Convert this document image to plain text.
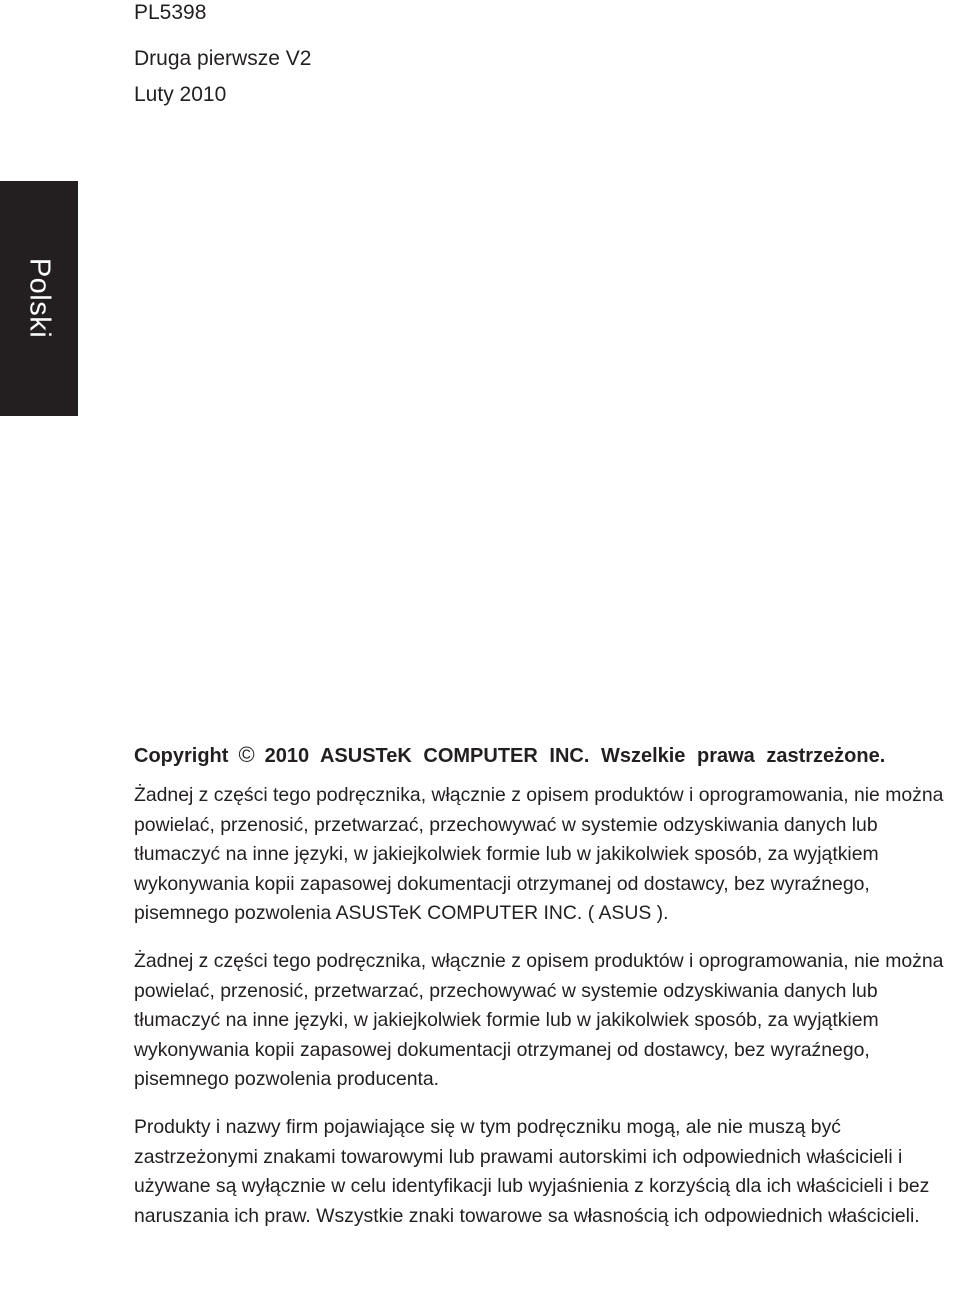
PL5398

Druga pierwsze V2

Luty 2010

Polski

Copyright © 2010 ASUSTeK COMPUTER INC. Wszelkie prawa zastrzeżone.

Żadnej z części tego podręcznika, włącznie z opisem produktów i oprogramowania, nie można powielać, przenosić, przetwarzać, przechowywać w systemie odzyskiwania danych lub tłumaczyć na inne języki, w jakiejkolwiek formie lub w jakikolwiek sposób, za wyjątkiem wykonywania kopii zapasowej dokumentacji otrzymanej od dostawcy, bez wyraźnego, pisemnego pozwolenia ASUSTeK COMPUTER INC. ( ASUS ).

Żadnej z części tego podręcznika, włącznie z opisem produktów i oprogramowania, nie można powielać, przenosić, przetwarzać, przechowywać w systemie odzyskiwania danych lub tłumaczyć na inne języki, w jakiejkolwiek formie lub w jakikolwiek sposób, za wyjątkiem wykonywania kopii zapasowej dokumentacji otrzymanej od dostawcy, bez wyraźnego, pisemnego pozwolenia producenta.

Produkty i nazwy firm pojawiające się w tym podręczniku mogą, ale nie muszą być zastrzeżonymi znakami towarowymi lub prawami autorskimi ich odpowiednich właścicieli i używane są wyłącznie w celu identyfikacji lub wyjaśnienia z korzyścią dla ich właścicieli i bez naruszania ich praw. Wszystkie znaki towarowe sa własnością ich odpowiednich właścicieli.
